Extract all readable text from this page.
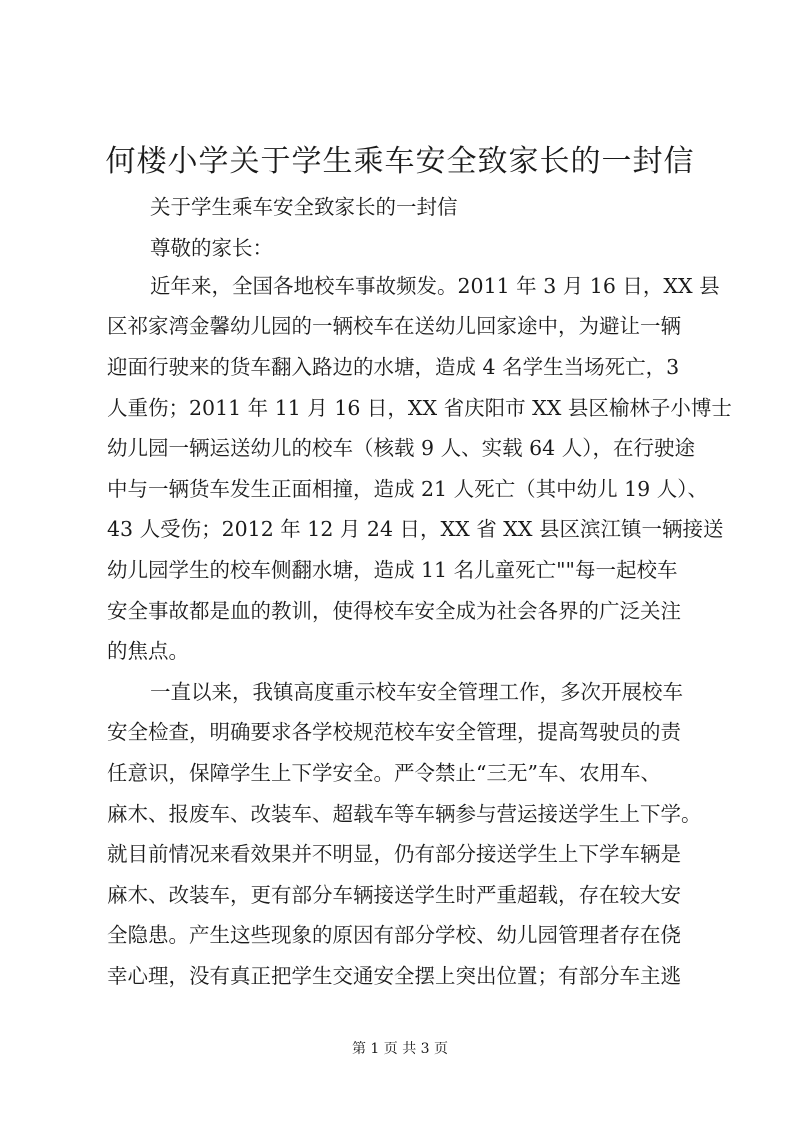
何楼小学关于学生乘车安全致家长的一封信
关于学生乘车安全致家长的一封信
尊敬的家长：
近年来，全国各地校车事故频发。2011 年 3 月 16 日，XX 县
区祁家湾金馨幼儿园的一辆校车在送幼儿回家途中，为避让一辆
迎面行驶来的货车翻入路边的水塘，造成 4 名学生当场死亡，3
人重伤；2011 年 11 月 16 日，XX 省庆阳市 XX 县区榆林子小博士
幼儿园一辆运送幼儿的校车（核载 9 人、实载 64 人），在行驶途
中与一辆货车发生正面相撞，造成 21 人死亡（其中幼儿 19 人）、
43 人受伤；2012 年 12 月 24 日，XX 省 XX 县区滨江镇一辆接送
幼儿园学生的校车侧翻水塘，造成 11 名儿童死亡""每一起校车
安全事故都是血的教训，使得校车安全成为社会各界的广泛关注
的焦点。
一直以来，我镇高度重示校车安全管理工作，多次开展校车
安全检查，明确要求各学校规范校车安全管理，提高驾驶员的责
任意识，保障学生上下学安全。严令禁止“三无”车、农用车、
麻木、报废车、改装车、超载车等车辆参与营运接送学生上下学。
就目前情况来看效果并不明显，仍有部分接送学生上下学车辆是
麻木、改装车，更有部分车辆接送学生时严重超载，存在较大安
全隐患。产生这些现象的原因有部分学校、幼儿园管理者存在侥
幸心理，没有真正把学生交通安全摆上突出位置；有部分车主逃
第 1 页 共 3 页
